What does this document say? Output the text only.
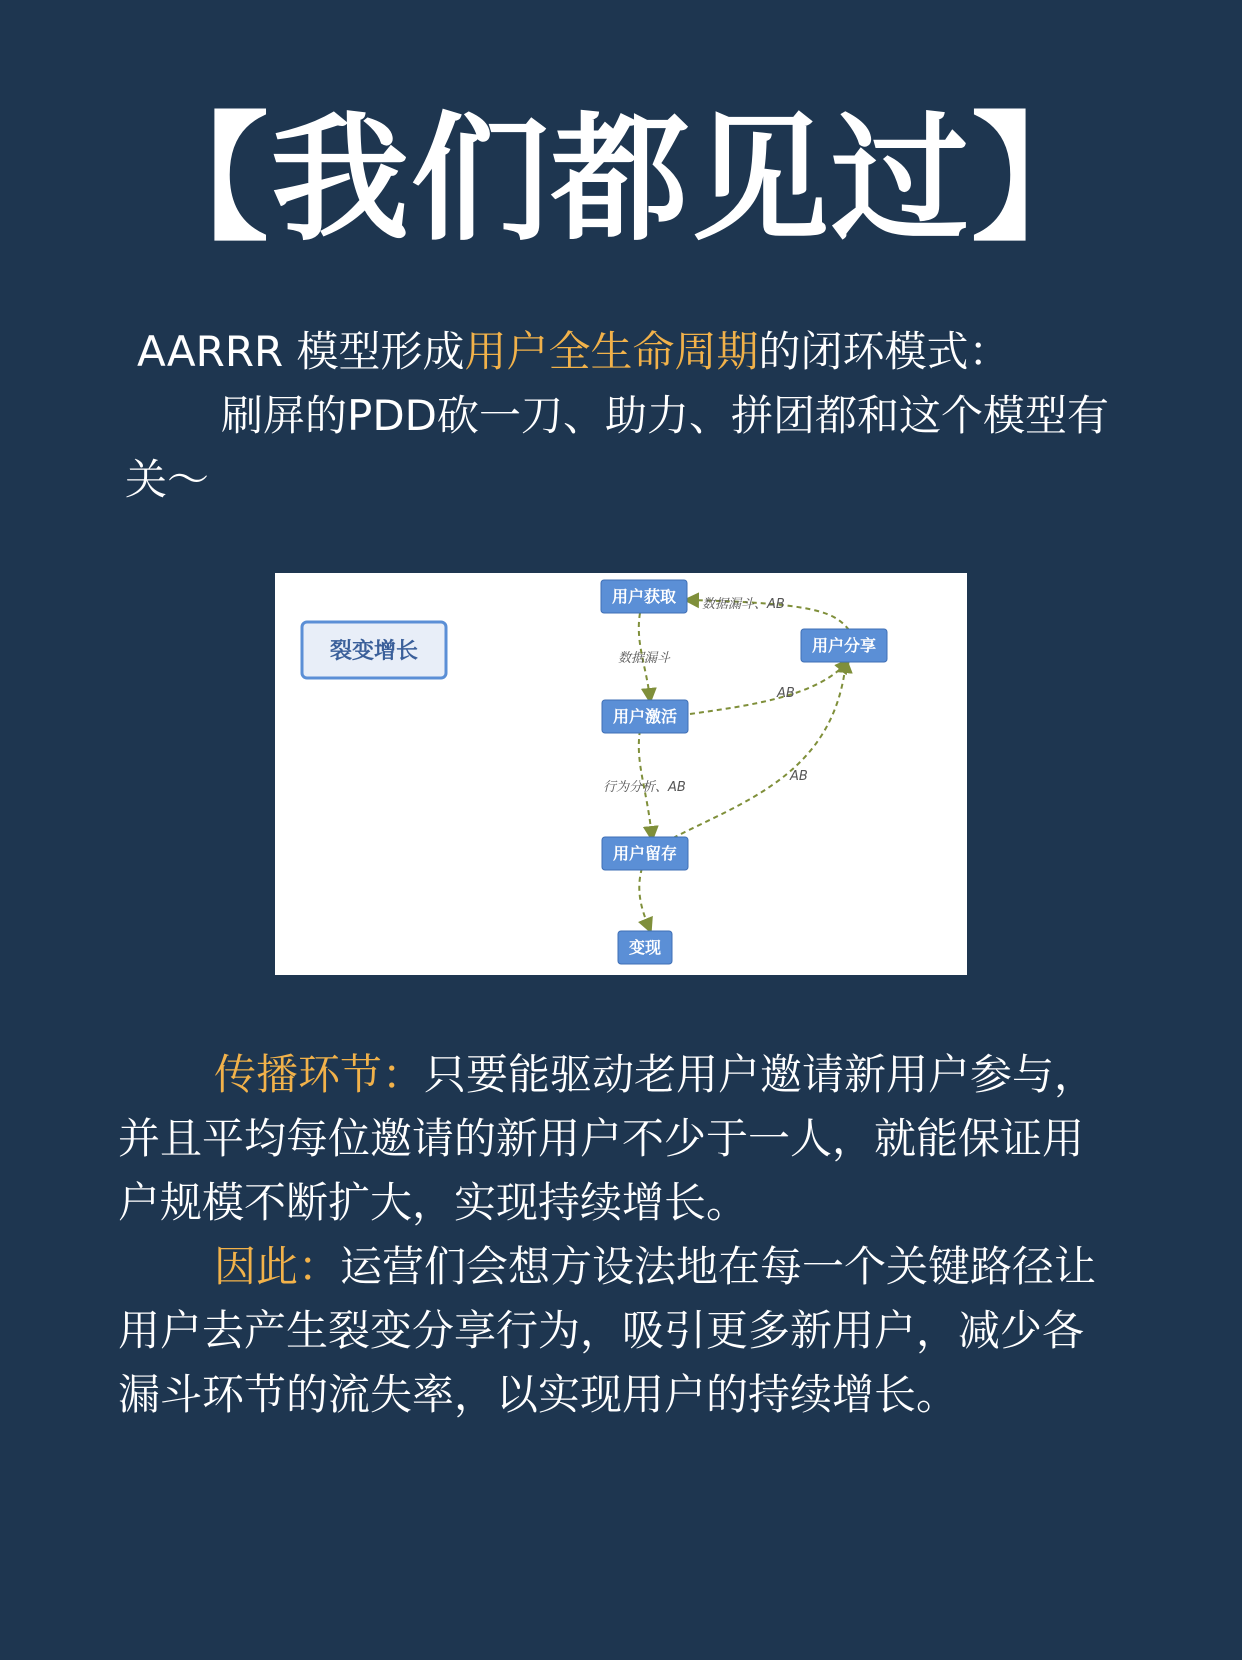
【我们都见过】
AARRR 模型形成用户全生命周期的闭环模式：
刷屏的PDD砍一刀、助力、拼团都和这个模型有关～
裂变增长
数据漏斗、AB
数据漏斗
AB
行为分析、AB
AB
用户获取
用户分享
用户激活
用户留存
变现

传播环节：只要能驱动老用户邀请新用户参与，并且平均每位邀请的新用户不少于一人，就能保证用户规模不断扩大，实现持续增长。

因此：运营们会想方设法地在每一个关键路径让用户去产生裂变分享行为，吸引更多新用户，减少各漏斗环节的流失率，以实现用户的持续增长。
